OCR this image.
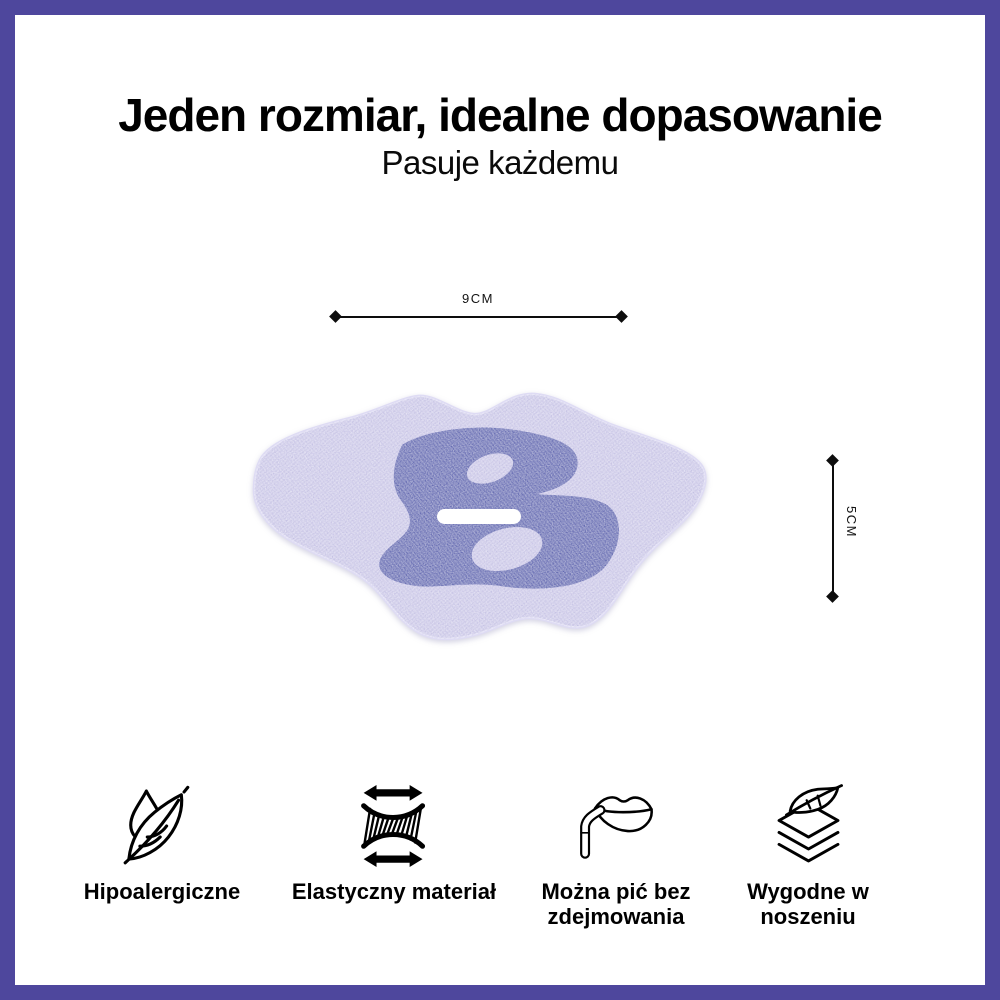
Jeden rozmiar, idealne dopasowanie
Pasuje każdemu
9CM
5CM
Hipoalergiczne	Elastyczny materiał	Można pić bez zdejmowania
Wygodne w noszeniu
